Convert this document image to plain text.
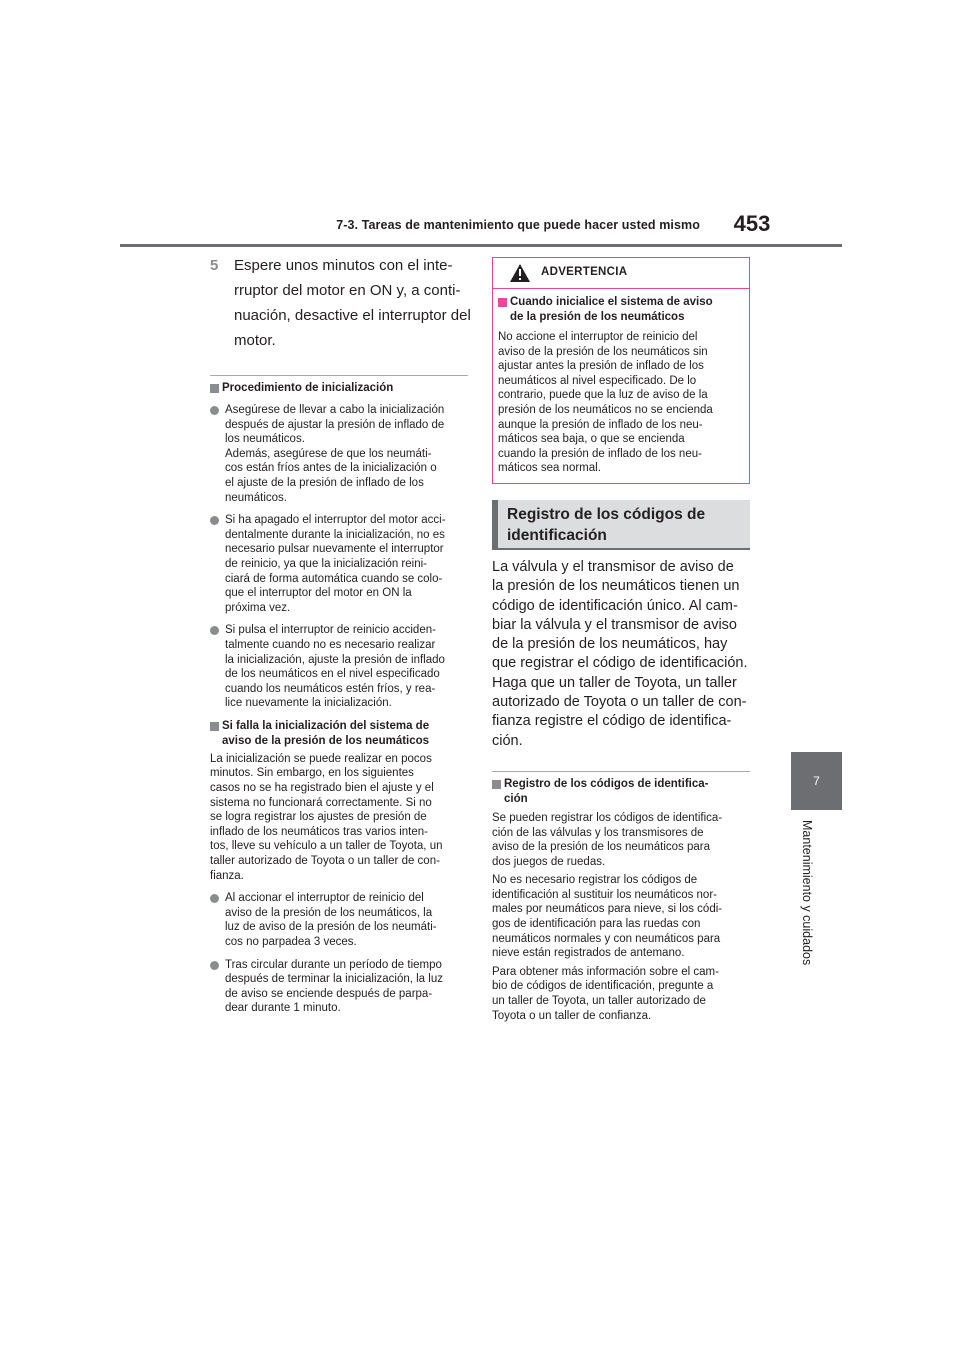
7-3. Tareas de mantenimiento que puede hacer usted mismo	453
7
Mantenimiento y cuidados
5 Espere unos minutos con el inte-
rruptor del motor en ON y, a conti-
nuación, desactive el interruptor del
motor.
Procedimiento de inicialización
Asegúrese de llevar a cabo la inicialización
después de ajustar la presión de inflado de
los neumáticos.
Además, asegúrese de que los neumáti-
cos están fríos antes de la inicialización o
el ajuste de la presión de inflado de los
neumáticos.
Si ha apagado el interruptor del motor acci-
dentalmente durante la inicialización, no es
necesario pulsar nuevamente el interruptor
de reinicio, ya que la inicialización reini-
ciará de forma automática cuando se colo-
que el interruptor del motor en ON la
próxima vez.
Si pulsa el interruptor de reinicio acciden-
talmente cuando no es necesario realizar
la inicialización, ajuste la presión de inflado
de los neumáticos en el nivel especificado
cuando los neumáticos estén fríos, y rea-
lice nuevamente la inicialización.
Si falla la inicialización del sistema de
aviso de la presión de los neumáticos
La inicialización se puede realizar en pocos
minutos. Sin embargo, en los siguientes
casos no se ha registrado bien el ajuste y el
sistema no funcionará correctamente. Si no
se logra registrar los ajustes de presión de
inflado de los neumáticos tras varios inten-
tos, lleve su vehículo a un taller de Toyota, un
taller autorizado de Toyota o un taller de con-
fianza.
Al accionar el interruptor de reinicio del
aviso de la presión de los neumáticos, la
luz de aviso de la presión de los neumáti-
cos no parpadea 3 veces.
Tras circular durante un período de tiempo
después de terminar la inicialización, la luz
de aviso se enciende después de parpa-
dear durante 1 minuto.
ADVERTENCIA
Cuando inicialice el sistema de aviso
de la presión de los neumáticos
No accione el interruptor de reinicio del
aviso de la presión de los neumáticos sin
ajustar antes la presión de inflado de los
neumáticos al nivel especificado. De lo
contrario, puede que la luz de aviso de la
presión de los neumáticos no se encienda
aunque la presión de inflado de los neu-
máticos sea baja, o que se encienda
cuando la presión de inflado de los neu-
máticos sea normal.
Registro de los códigos de
identificación
La válvula y el transmisor de aviso de
la presión de los neumáticos tienen un
código de identificación único. Al cam-
biar la válvula y el transmisor de aviso
de la presión de los neumáticos, hay
que registrar el código de identificación.
Haga que un taller de Toyota, un taller
autorizado de Toyota o un taller de con-
fianza registre el código de identifica-
ción.
Registro de los códigos de identifica-
ción
Se pueden registrar los códigos de identifica-
ción de las válvulas y los transmisores de
aviso de la presión de los neumáticos para
dos juegos de ruedas.
No es necesario registrar los códigos de
identificación al sustituir los neumáticos nor-
males por neumáticos para nieve, si los códi-
gos de identificación para las ruedas con
neumáticos normales y con neumáticos para
nieve están registrados de antemano.
Para obtener más información sobre el cam-
bio de códigos de identificación, pregunte a
un taller de Toyota, un taller autorizado de
Toyota o un taller de confianza.
